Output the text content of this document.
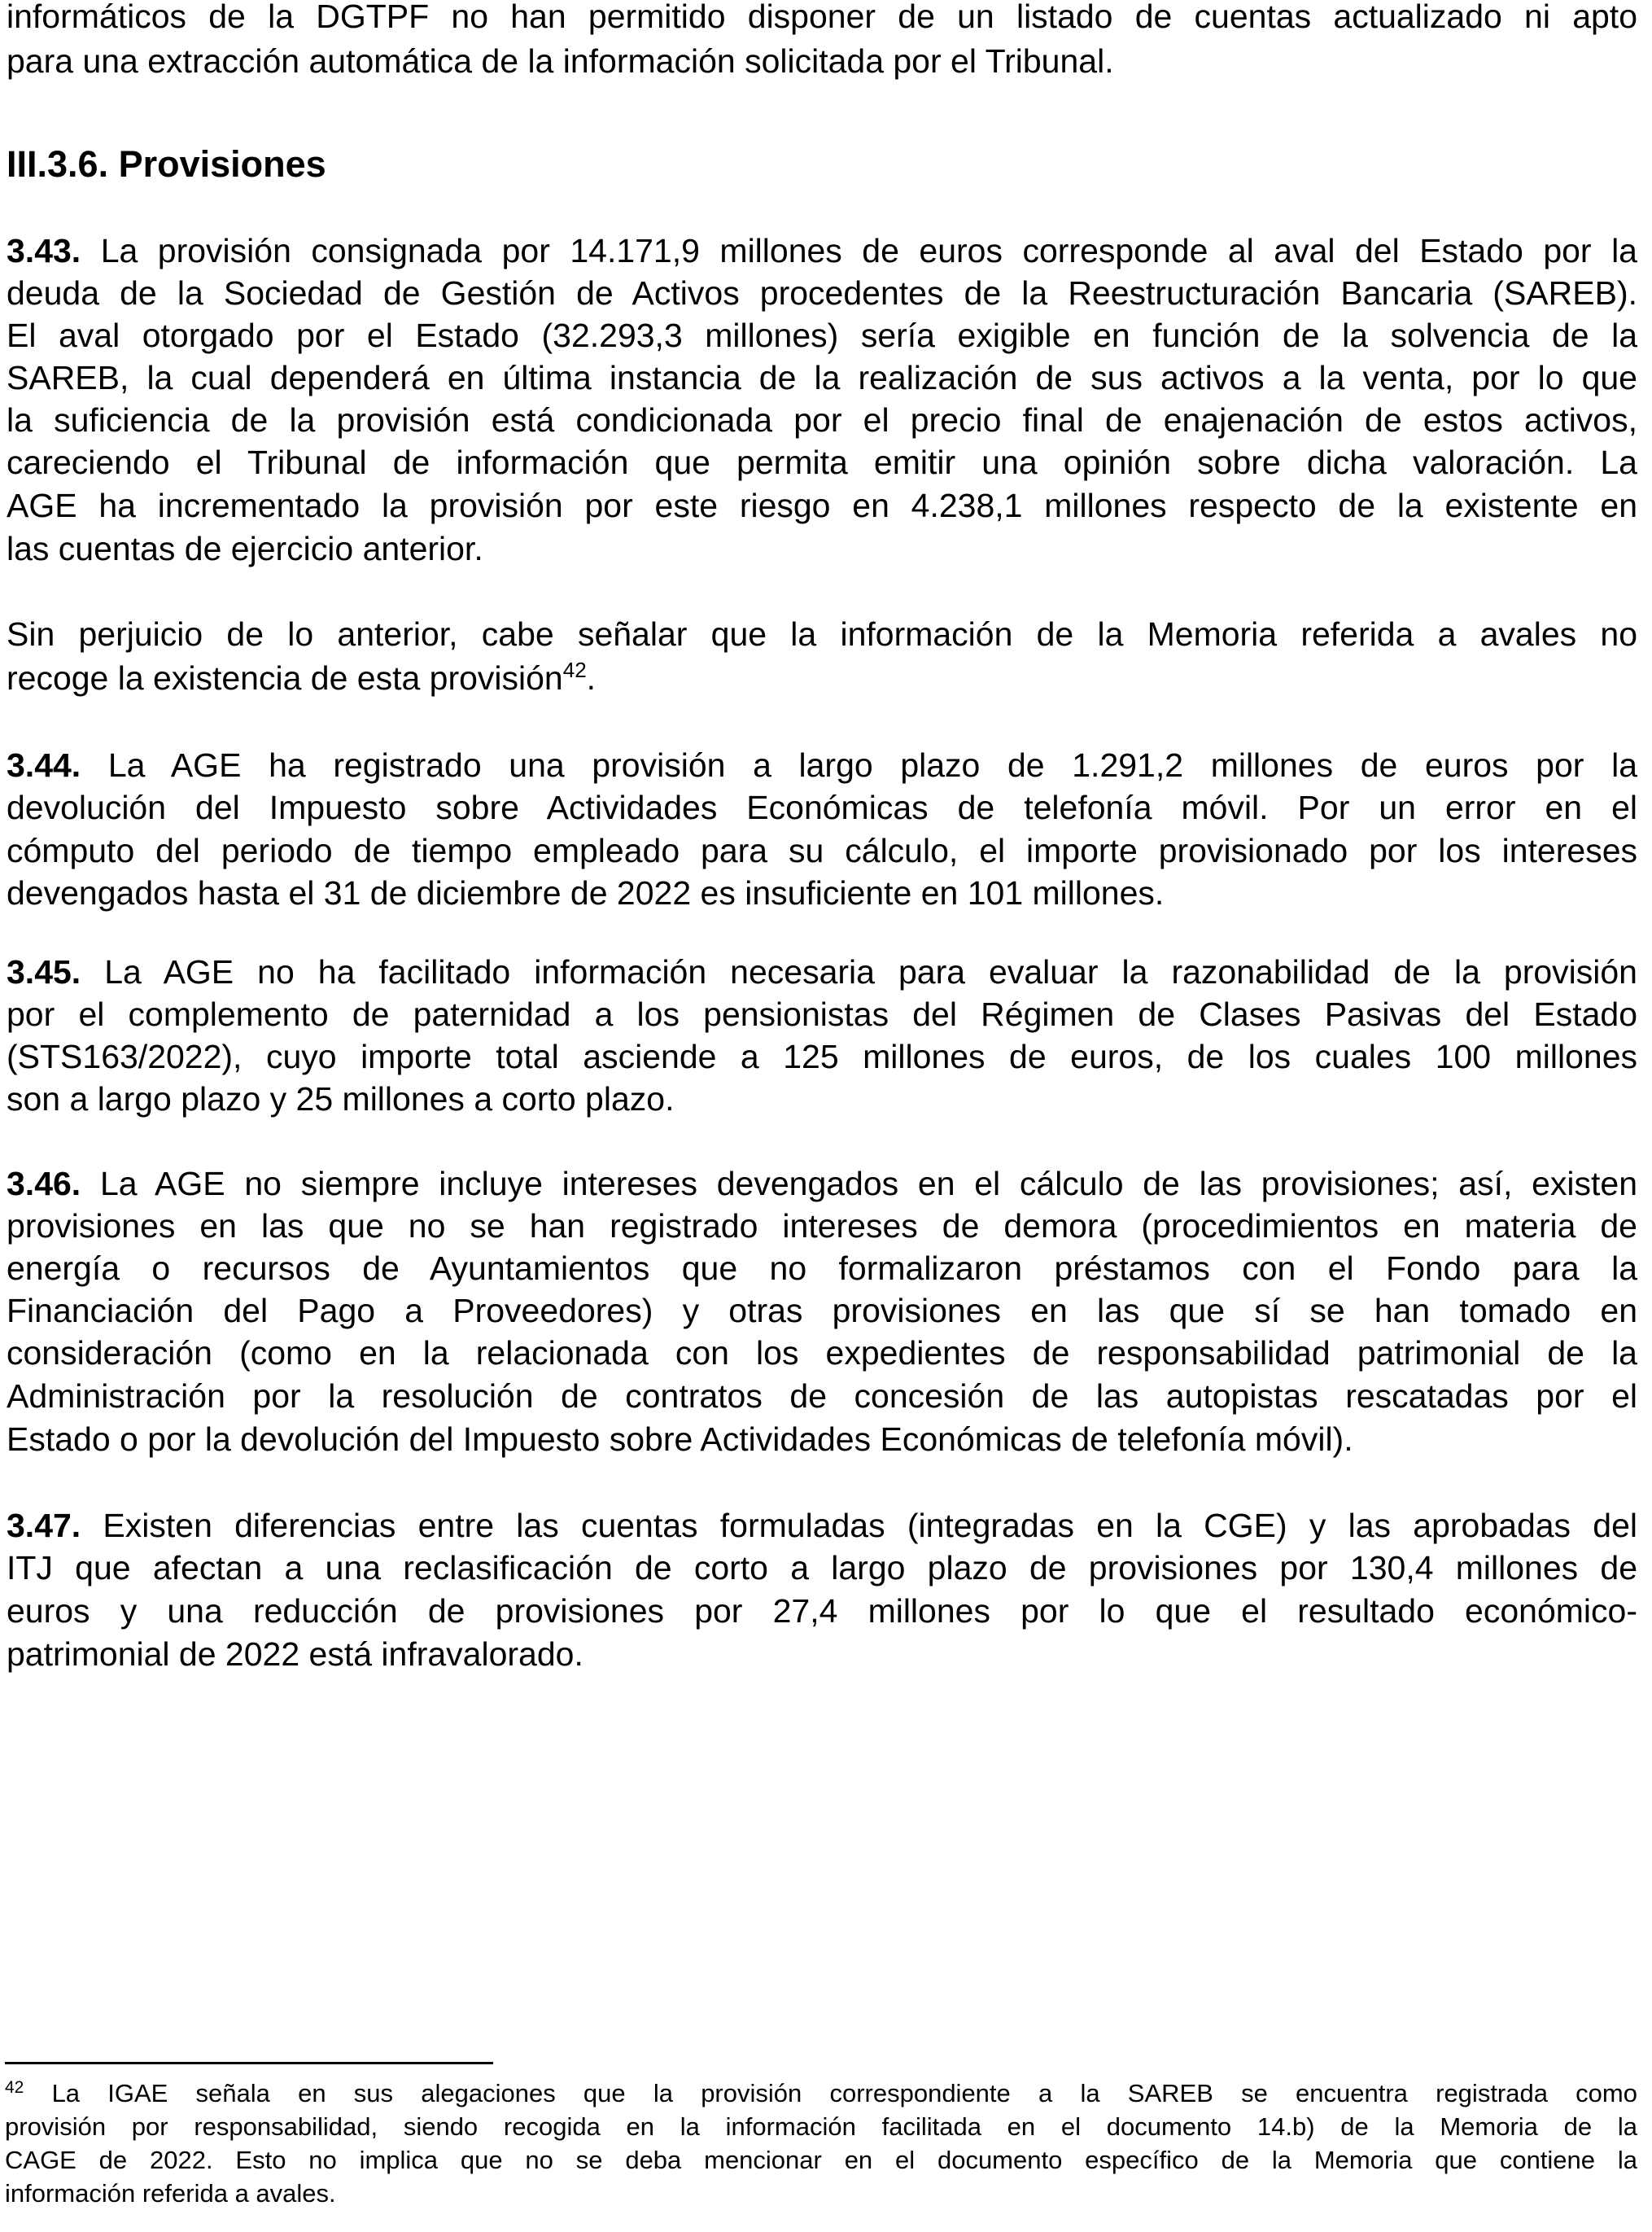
informáticos de la DGTPF no han permitido disponer de un listado de cuentas actualizado ni apto
para una extracción automática de la información solicitada por el Tribunal.
III.3.6. Provisiones
3.43. La provisión consignada por 14.171,9 millones de euros corresponde al aval del Estado por la
deuda de la Sociedad de Gestión de Activos procedentes de la Reestructuración Bancaria (SAREB).
El aval otorgado por el Estado (32.293,3 millones) sería exigible en función de la solvencia de la
SAREB, la cual dependerá en última instancia de la realización de sus activos a la venta, por lo que
la suficiencia de la provisión está condicionada por el precio final de enajenación de estos activos,
careciendo el Tribunal de información que permita emitir una opinión sobre dicha valoración. La
AGE ha incrementado la provisión por este riesgo en 4.238,1 millones respecto de la existente en
las cuentas de ejercicio anterior.
Sin perjuicio de lo anterior, cabe señalar que la información de la Memoria referida a avales no
recoge la existencia de esta provisión$^{42}$.
3.44. La AGE ha registrado una provisión a largo plazo de 1.291,2 millones de euros por la
devolución del Impuesto sobre Actividades Económicas de telefonía móvil. Por un error en el
cómputo del periodo de tiempo empleado para su cálculo, el importe provisionado por los intereses
devengados hasta el 31 de diciembre de 2022 es insuficiente en 101 millones.
3.45. La AGE no ha facilitado información necesaria para evaluar la razonabilidad de la provisión
por el complemento de paternidad a los pensionistas del Régimen de Clases Pasivas del Estado
(STS163/2022), cuyo importe total asciende a 125 millones de euros, de los cuales 100 millones
son a largo plazo y 25 millones a corto plazo.
3.46. La AGE no siempre incluye intereses devengados en el cálculo de las provisiones; así, existen
provisiones en las que no se han registrado intereses de demora (procedimientos en materia de
energía o recursos de Ayuntamientos que no formalizaron préstamos con el Fondo para la
Financiación del Pago a Proveedores) y otras provisiones en las que sí se han tomado en
consideración (como en la relacionada con los expedientes de responsabilidad patrimonial de la
Administración por la resolución de contratos de concesión de las autopistas rescatadas por el
Estado o por la devolución del Impuesto sobre Actividades Económicas de telefonía móvil).
3.47. Existen diferencias entre las cuentas formuladas (integradas en la CGE) y las aprobadas del
ITJ que afectan a una reclasificación de corto a largo plazo de provisiones por 130,4 millones de
euros y una reducción de provisiones por 27,4 millones por lo que el resultado económico-
patrimonial de 2022 está infravalorado.
$^{42}$ La IGAE señala en sus alegaciones que la provisión correspondiente a la SAREB se encuentra registrada como
provisión por responsabilidad, siendo recogida en la información facilitada en el documento 14.b) de la Memoria de la
CAGE de 2022. Esto no implica que no se deba mencionar en el documento específico de la Memoria que contiene la
información referida a avales.
